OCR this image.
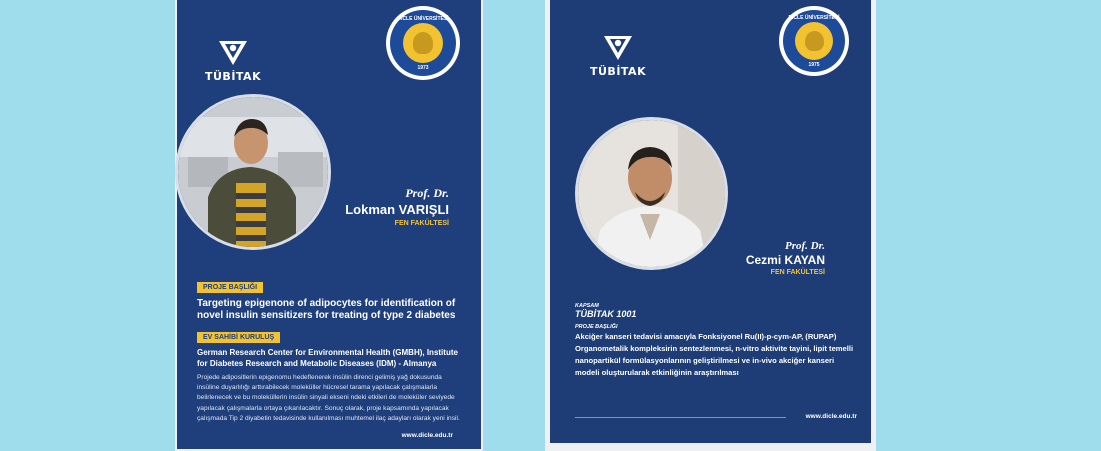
TÜBİTAK
DİCLE ÜNİVERSİTESİ
1973
Prof. Dr.
Lokman VARIŞLI
FEN FAKÜLTESİ
PROJE BAŞLIĞI
Targeting epigenone of adipocytes for identification of novel insulin sensitizers for treating of type 2 diabetes
EV SAHİBİ KURULUŞ
German Research Center for Environmental Health (GMBH), Institute for Diabetes Research and Metabolic Diseases (IDM) - Almanya
Projede adipositlerin epigenomu hedeflenerek insülin direnci gelimiş yağ dokusunda insüline duyarlılığı arttırabilecek moleküller hücresel tarama yapılacak çalışmalarla belirlenecek ve bu moleküllerin insülin sinyali ekseni ndeki etkileri de moleküler seviyede yapılacak çalışmalarla ortaya çıkarılacaktır. Sonuç olarak, proje kapsamında yapılacak çalışmada Tip 2 diyabetin tedavisinde kullanılması muhtemel ilaç adayları olarak yeni insil.
www.dicle.edu.tr
TÜBİTAK
DİCLE ÜNİVERSİTESİ
1975
Prof. Dr.
Cezmi KAYAN
FEN FAKÜLTESİ
KAPSAM
TÜBİTAK 1001
PROJE BAŞLIĞI
Akciğer kanseri tedavisi amacıyla Fonksiyonel Ru(II)-p-cym-AP, (RUPAP) Organometalik kompleksirin sentezlenmesi, n-vitro aktivite tayini, lipit temelli nanopartikül formülasyonlarının geliştirilmesi ve in-vivo akciğer kanseri modeli oluşturularak etkinliğinin araştırılması
www.dicle.edu.tr
